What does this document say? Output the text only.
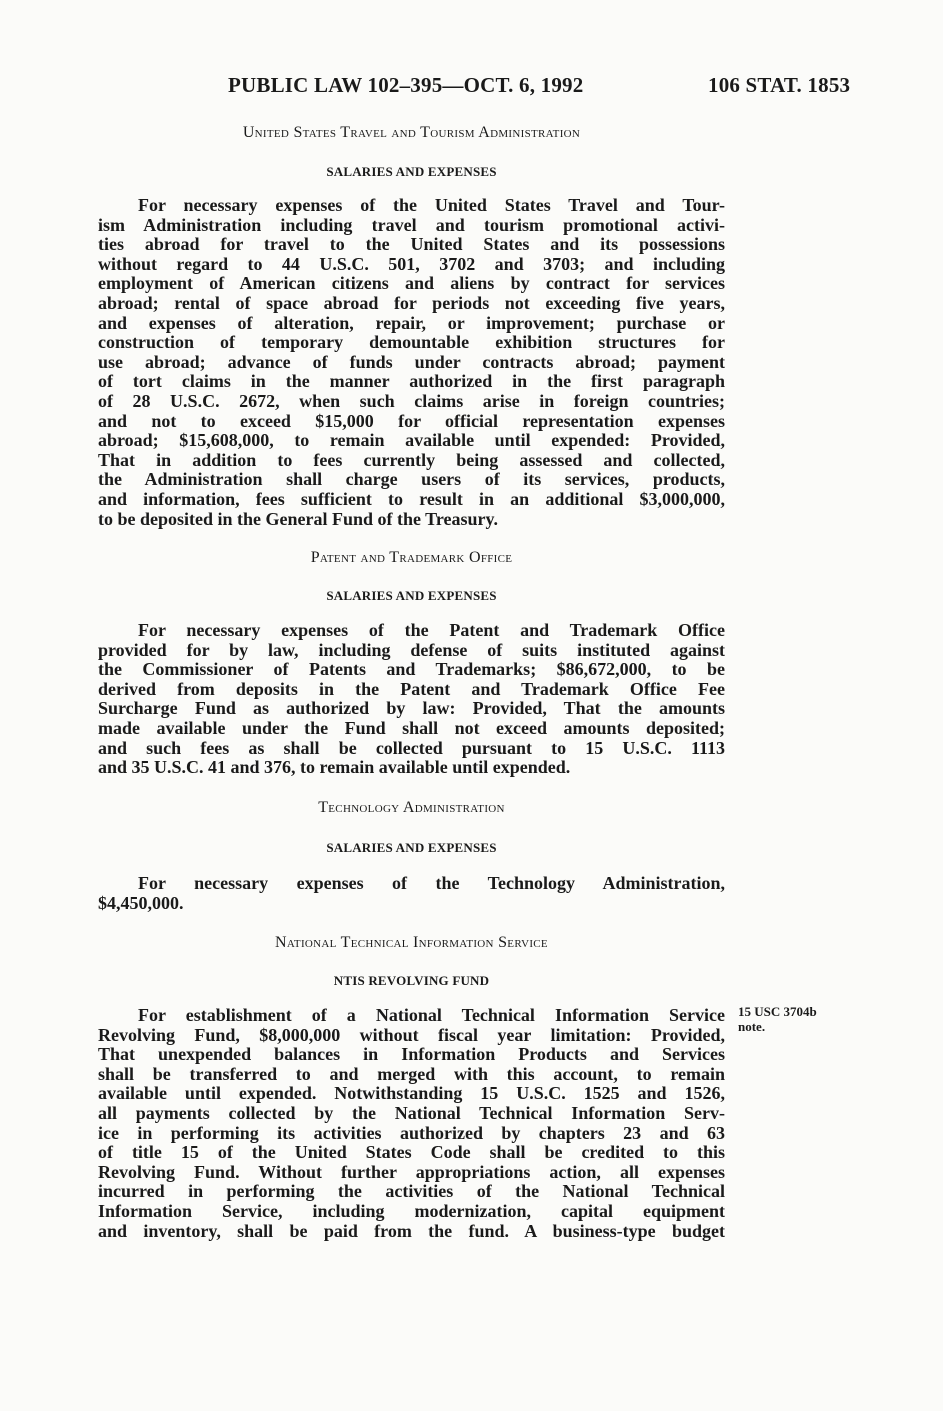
PUBLIC LAW 102–395—OCT. 6, 1992	106 STAT. 1853
United States Travel and Tourism Administration
SALARIES AND EXPENSES
For necessary expenses of the United States Travel and Tour-
ism Administration including travel and tourism promotional activi-
ties abroad for travel to the United States and its possessions
without regard to 44 U.S.C. 501, 3702 and 3703; and including
employment of American citizens and aliens by contract for services
abroad; rental of space abroad for periods not exceeding five years,
and expenses of alteration, repair, or improvement; purchase or
construction of temporary demountable exhibition structures for
use abroad; advance of funds under contracts abroad; payment
of tort claims in the manner authorized in the first paragraph
of 28 U.S.C. 2672, when such claims arise in foreign countries;
and not to exceed $15,000 for official representation expenses
abroad; $15,608,000, to remain available until expended: Provided,
That in addition to fees currently being assessed and collected,
the Administration shall charge users of its services, products,
and information, fees sufficient to result in an additional $3,000,000,
to be deposited in the General Fund of the Treasury.
Patent and Trademark Office
SALARIES AND EXPENSES
For necessary expenses of the Patent and Trademark Office
provided for by law, including defense of suits instituted against
the Commissioner of Patents and Trademarks; $86,672,000, to be
derived from deposits in the Patent and Trademark Office Fee
Surcharge Fund as authorized by law: Provided, That the amounts
made available under the Fund shall not exceed amounts deposited;
and such fees as shall be collected pursuant to 15 U.S.C. 1113
and 35 U.S.C. 41 and 376, to remain available until expended.
Technology Administration
SALARIES AND EXPENSES
For necessary expenses of the Technology Administration,
$4,450,000.
National Technical Information Service
NTIS REVOLVING FUND
For establishment of a National Technical Information Service
Revolving Fund, $8,000,000 without fiscal year limitation: Provided,
That unexpended balances in Information Products and Services
shall be transferred to and merged with this account, to remain
available until expended. Notwithstanding 15 U.S.C. 1525 and 1526,
all payments collected by the National Technical Information Serv-
ice in performing its activities authorized by chapters 23 and 63
of title 15 of the United States Code shall be credited to this
Revolving Fund. Without further appropriations action, all expenses
incurred in performing the activities of the National Technical
Information Service, including modernization, capital equipment
and inventory, shall be paid from the fund. A business-type budget
15 USC 3704b
note.
